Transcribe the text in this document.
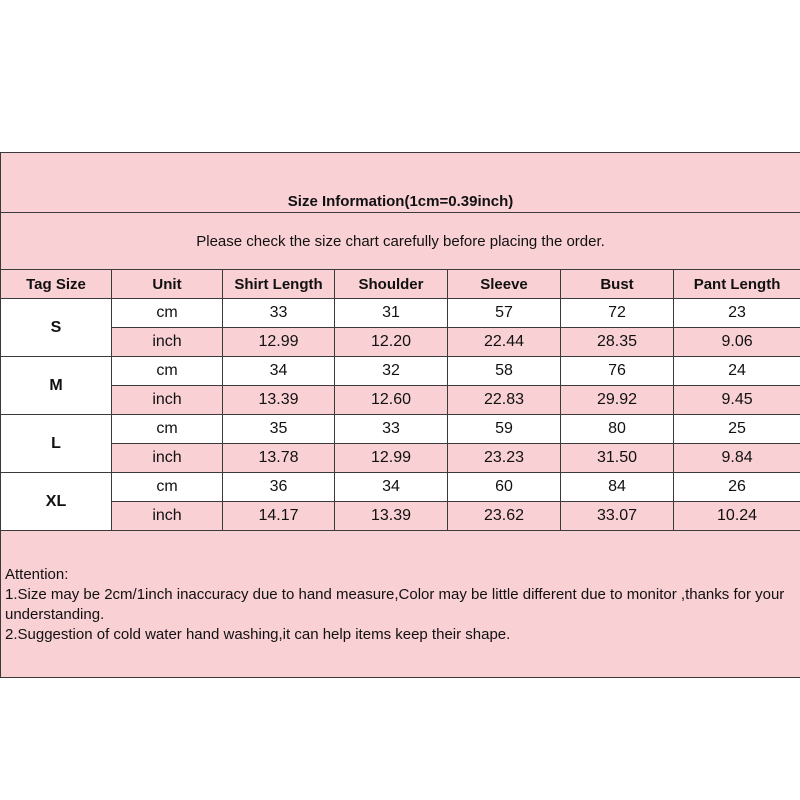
Size Information(1cm=0.39inch)						
Please check the size chart carefully before placing the order.						
Tag Size	Unit	Shirt Length	Shoulder	Sleeve	Bust	Pant Length
S	cm	33	31	57	72	23
	inch	12.99	12.20	22.44	28.35	9.06
M	cm	34	32	58	76	24
	inch	13.39	12.60	22.83	29.92	9.45
L	cm	35	33	59	80	25
	inch	13.78	12.99	23.23	31.50	9.84
XL	cm	36	34	60	84	26
	inch	14.17	13.39	23.62	33.07	10.24

Attention:
1.Size may be 2cm/1inch inaccuracy due to hand measure,Color may be little different due to monitor ,thanks for your understanding.
2.Suggestion of cold water hand washing,it can help items keep their shape.						
